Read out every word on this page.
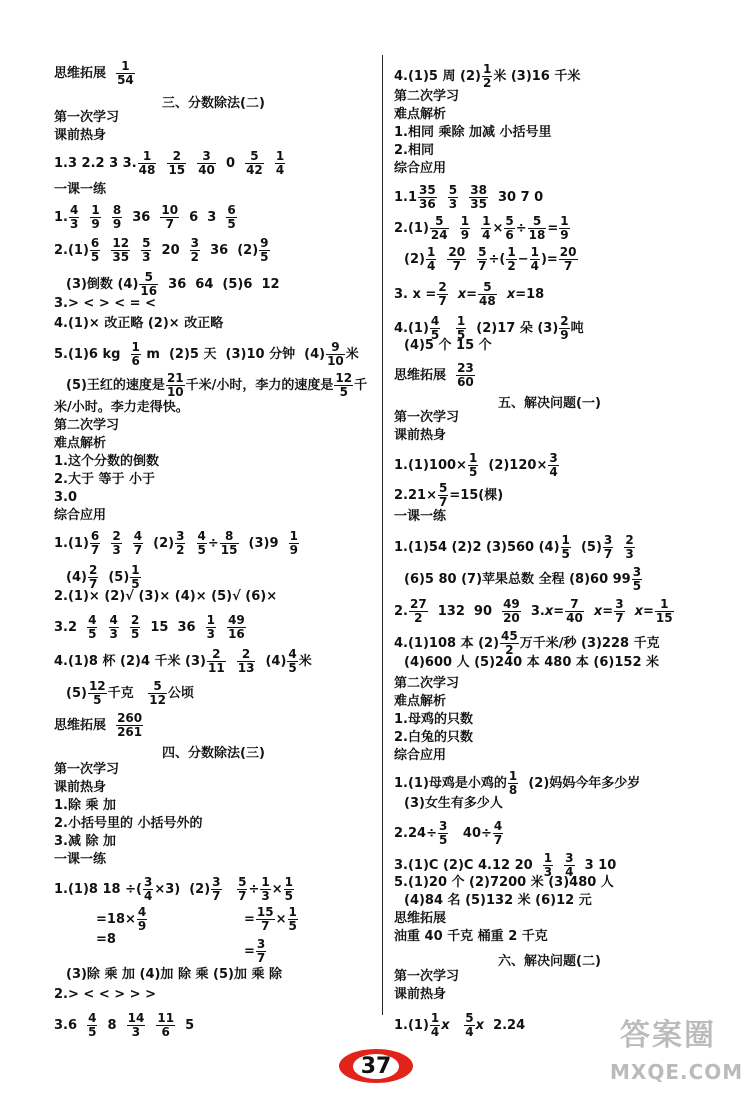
思维拓展 $\frac{1}{54}$
三、分数除法(二)
第一次学习
课前热身
1.3 2.2 3 3. $\frac{1}{48}$
$\frac{2}{15}$
$\frac{3}{40} 0 \frac{5}{42}$
$\frac{1}{4}$
一课一练
1. $\frac{4}{3}$
$\frac{1}{9}$
$\frac{8}{9} 36 \frac{10}{7} 6$  $3 \frac{6}{5}$
$2.(1) \frac{6}{5}$
$\frac{12}{35}$
$\frac{5}{3} 20 \frac{3}{2} 36$  $(2) \frac{9}{5}$
(3)倒数 $(4) \frac{5}{16} 36$  64  (5)6  12
3.> < > < = <
4.(1)× 改正略 (2)× 改正略
5.(1)6 kg $\frac{1}{6}$ m  (2)5 天  (3)10 分钟  $(4) \frac{9}{10}$ 米
(5)王红的速度是 $\frac{21}{10}$ 千米/小时，李力的速度是 $\frac{12}{5}$ 千
米/小时。李力走得快。
第二次学习
难点解析
1.这个分数的倒数
2.大于 等于 小于
3.0
综合应用
$1.(1) \frac{6}{7}$
$\frac{2}{3}$
$\frac{4}{7} (2) \frac{3}{2}$
$\frac{4}{5} \div \frac{8}{15} (3)9 \frac{1}{9}$
$(4) \frac{2}{7} (5) \frac{1}{5}$
2.(1)× (2)√ (3)× (4)× (5)√ (6)×
$3.2 \frac{4}{5}$
$\frac{4}{3}$
$\frac{2}{5} 15$  $36 \frac{1}{3}$
$\frac{49}{16}$
4.(1)8 杯 (2)4 千米 $(3) \frac{2}{11}$
$\frac{2}{13} (4) \frac{4}{5}$ 米
$(5) \frac{12}{5}$ 千克 $\frac{5}{12}$ 公顷
思维拓展 $\frac{260}{261}$
四、分数除法(三)
第一次学习
课前热身
1.除 乘 加
2.小括号里的 小括号外的
3.减 除 加
一课一练
1.(1)8 18 ÷( $\frac{3}{4} \times 3$)  $(2) \frac{3}{7}$
$\frac{5}{7} \div \frac{1}{3} \times \frac{1}{5}$
$=18\times \frac{4}{9}$	= $\frac{15}{7} \times \frac{1}{5}$
=8
= $\frac{3}{7}$
(3)除 乘 加 (4)加 除 乘 (5)加 乘 除
2.> < < > > >
$3.6 \frac{4}{5} 8 \frac{14}{3}$
$\frac{11}{6} 5$
4.(1)5 周 $(2) \frac{1}{2}$ 米 (3)16 千米
第二次学习
难点解析
1.相同 乘除 加减 小括号里
2.相同
综合应用
$1.1 \frac{35}{36}$
$\frac{5}{3}$
$\frac{38}{35} 30$ 7 0
$2.(1) \frac{5}{24}$
$\frac{1}{9}$
$\frac{1}{4} \times \frac{5}{6} \div \frac{5}{18} = \frac{1}{9}$
$(2) \frac{1}{4}$
$\frac{20}{7}$
$\frac{5}{7}$ ÷( $\frac{1}{2} - \frac{1}{4}$ )= $\frac{20}{7}$
3. $x = \frac{2}{7} x= \frac{5}{48} x=18$
$4.(1) \frac{4}{5}$
$\frac{1}{5} (2)17$ 朵 $(3) \frac{2}{9}$ 吨
(4)5 个 15 个
思维拓展 $\frac{23}{60}$
五、解决问题(一)
第一次学习
课前热身
$1.(1)100\times \frac{1}{5} (2)120\times \frac{3}{4}$
$2.21\times \frac{5}{7} =15$(棵)
一课一练
1.(1)54 (2)2 (3)560 $(4) \frac{1}{5} (5) \frac{3}{7}$
$\frac{2}{3}$
(6)5 80 (7)苹果总数 全程 (8)60 $99 \frac{3}{5}$
2. $\frac{27}{2} 132$  $90 \frac{49}{20} 3.x= \frac{7}{40} x= \frac{3}{7} x= \frac{1}{15}$
4.(1)108 本 $(2) \frac{45}{2}$ 万千米/秒 (3)228 千克
(4)600 人 (5)240 本 480 本 (6)152 米
第二次学习
难点解析
1.母鸡的只数
2.白兔的只数
综合应用
1.(1)母鸡是小鸡的 $\frac{1}{8} (2)$妈妈今年多少岁
(3)女生有多少人
$2.24\div \frac{3}{5} 40\div \frac{4}{7}$
3.(1)C (2)C 4.12 $20 \frac{1}{3}$
$\frac{3}{4} 3$ 10
5.(1)20 个 (2)7200 米 (3)480 人
(4)84 名 (5)132 米 (6)12 元
思维拓展
油重 40 千克 桶重 2 千克
六、解决问题(二)
第一次学习
课前热身
$1.(1) \frac{1}{4}$ x $\frac{5}{4}$ x 2.24
37
答案圈
MXQE.COM
